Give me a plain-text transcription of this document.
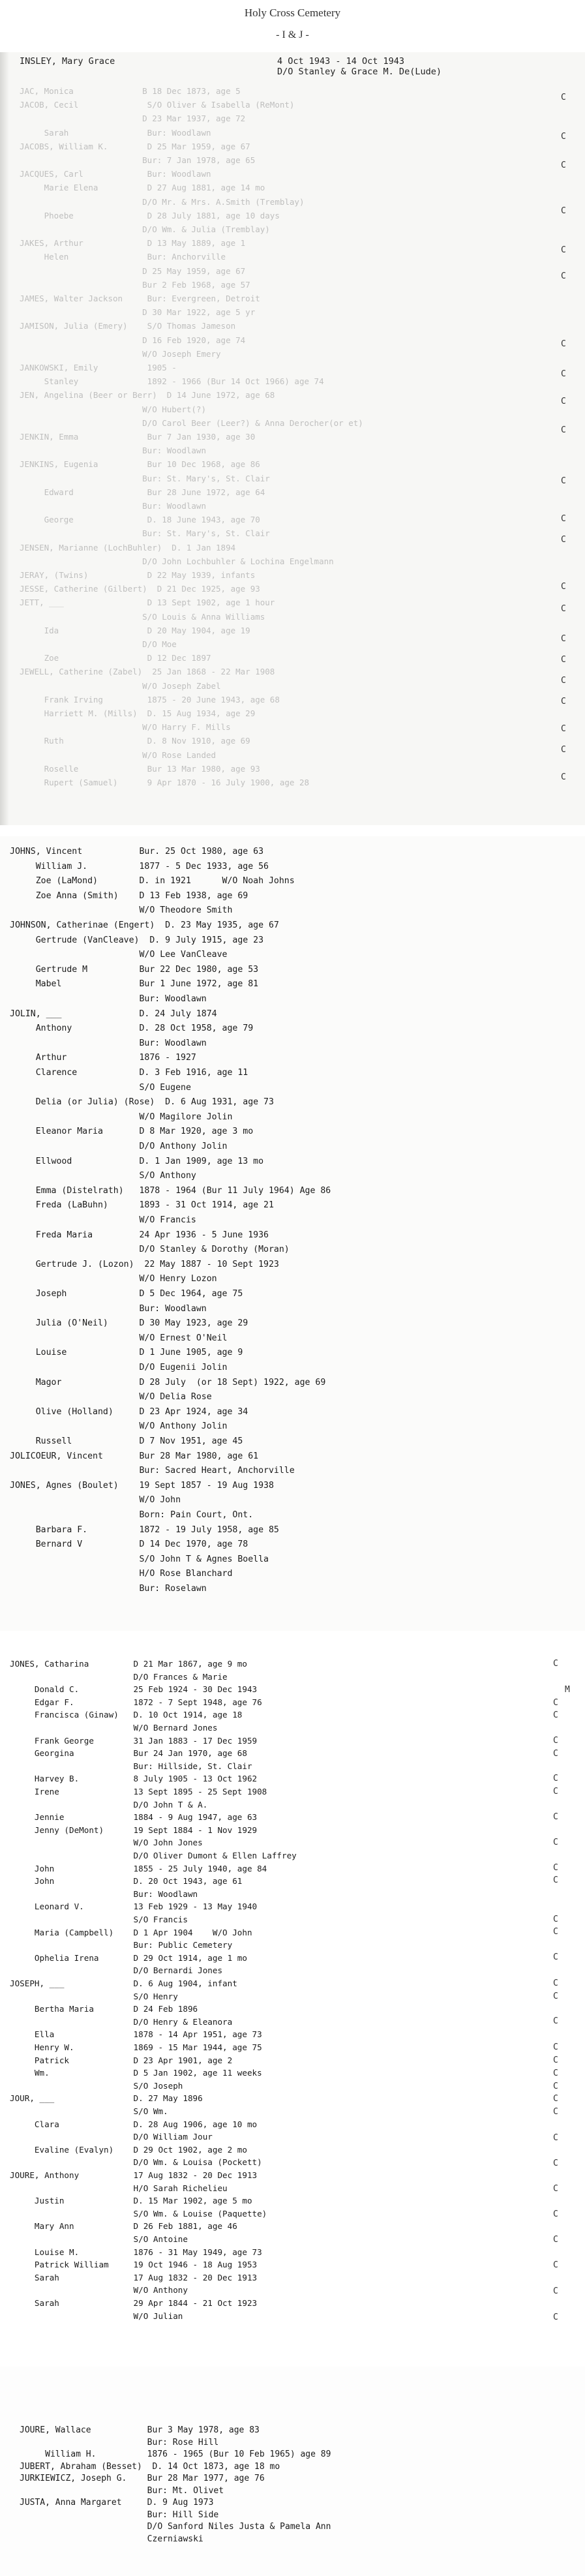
Holy Cross Cemetery
- I & J -
INSLEY, Mary Grace	4 Oct 1943 - 14 Oct 1943
D/O Stanley & Grace M. De(Lude)
JAC, Monica              B 18 Dec 1873, age 5
JACOB, Cecil              S/O Oliver & Isabella (ReMont)
D 23 Mar 1937, age 72
Sarah                Bur: Woodlawn
JACOBS, William K.        D 25 Mar 1959, age 67
Bur: 7 Jan 1978, age 65
JACQUES, Carl             Bur: Woodlawn
Marie Elena          D 27 Aug 1881, age 14 mo
D/O Mr. & Mrs. A.Smith (Tremblay)
Phoebe               D 28 July 1881, age 10 days
D/O Wm. & Julia (Tremblay)
JAKES, Arthur             D 13 May 1889, age 1
Helen                Bur: Anchorville
D 25 May 1959, age 67
Bur 2 Feb 1968, age 57
JAMES, Walter Jackson     Bur: Evergreen, Detroit
D 30 Mar 1922, age 5 yr
JAMISON, Julia (Emery)    S/O Thomas Jameson
D 16 Feb 1920, age 74
W/O Joseph Emery
JANKOWSKI, Emily          1905 -
Stanley              1892 - 1966 (Bur 14 Oct 1966) age 74
JEN, Angelina (Beer or Berr)  D 14 June 1972, age 68
W/O Hubert(?)
D/O Carol Beer (Leer?) & Anna Derocher(or et)
JENKIN, Emma              Bur 7 Jan 1930, age 30
Bur: Woodlawn
JENKINS, Eugenia          Bur 10 Dec 1968, age 86
Bur: St. Mary's, St. Clair
Edward               Bur 28 June 1972, age 64
Bur: Woodlawn
George               D. 18 June 1943, age 70
Bur: St. Mary's, St. Clair
JENSEN, Marianne (LochBuhler)  D. 1 Jan 1894
D/O John Lochbuhler & Lochina Engelmann
JERAY, (Twins)            D 22 May 1939, infants
JESSE, Catherine (Gilbert)  D 21 Dec 1925, age 93
JETT, ___                 D 13 Sept 1902, age 1 hour
S/O Louis & Anna Williams
Ida                  D 20 May 1904, age 19
D/O Moe
Zoe                  D 12 Dec 1897
JEWELL, Catherine (Zabel)  25 Jan 1868 - 22 Mar 1908
W/O Joseph Zabel
Frank Irving         1875 - 20 June 1943, age 68
Harriett M. (Mills)  D. 15 Aug 1934, age 29
W/O Harry F. Mills
Ruth                 D. 8 Nov 1910, age 69
W/O Rose Landed
Roselle              Bur 13 Mar 1980, age 93
Rupert (Samuel)      9 Apr 1870 - 16 July 1900, age 28
C
C
C
C
C
C
C
C
C
C
C
C
C
C
C
C
C
C
C
C
C
C
JOHNS, Vincent           Bur. 25 Oct 1980, age 63
William J.          1877 - 5 Dec 1933, age 56
Zoe (LaMond)        D. in 1921      W/O Noah Johns
Zoe Anna (Smith)    D 13 Feb 1938, age 69
W/O Theodore Smith
JOHNSON, Catherinae (Engert)  D. 23 May 1935, age 67
Gertrude (VanCleave)  D. 9 July 1915, age 23
W/O Lee VanCleave
Gertrude M          Bur 22 Dec 1980, age 53
Mabel               Bur 1 June 1972, age 81
Bur: Woodlawn
JOLIN, ___               D. 24 July 1874
Anthony             D. 28 Oct 1958, age 79
Bur: Woodlawn
Arthur              1876 - 1927
Clarence            D. 3 Feb 1916, age 11
S/O Eugene
Delia (or Julia) (Rose)  D. 6 Aug 1931, age 73
W/O Magilore Jolin
Eleanor Maria       D 8 Mar 1920, age 3 mo
D/O Anthony Jolin
Ellwood             D. 1 Jan 1909, age 13 mo
S/O Anthony
Emma (Distelrath)   1878 - 1964 (Bur 11 July 1964) Age 86
Freda (LaBuhn)      1893 - 31 Oct 1914, age 21
W/O Francis
Freda Maria         24 Apr 1936 - 5 June 1936
D/O Stanley & Dorothy (Moran)
Gertrude J. (Lozon)  22 May 1887 - 10 Sept 1923
W/O Henry Lozon
Joseph              D 5 Dec 1964, age 75
Bur: Woodlawn
Julia (O'Neil)      D 30 May 1923, age 29
W/O Ernest O'Neil
Louise              D 1 June 1905, age 9
D/O Eugenii Jolin
Magor               D 28 July  (or 18 Sept) 1922, age 69
W/O Delia Rose
Olive (Holland)     D 23 Apr 1924, age 34
W/O Anthony Jolin
Russell             D 7 Nov 1951, age 45
JOLICOEUR, Vincent       Bur 28 Mar 1980, age 61
Bur: Sacred Heart, Anchorville
JONES, Agnes (Boulet)    19 Sept 1857 - 19 Aug 1938
W/O John
Born: Pain Court, Ont.
Barbara F.          1872 - 19 July 1958, age 85
Bernard V           D 14 Dec 1970, age 78
S/O John T & Agnes Boella
H/O Rose Blanchard
Bur: Roselawn
JONES, Catharina         D 21 Mar 1867, age 9 mo
D/O Frances & Marie
Donald C.           25 Feb 1924 - 30 Dec 1943
Edgar F.            1872 - 7 Sept 1948, age 76
Francisca (Ginaw)   D. 10 Oct 1914, age 18
W/O Bernard Jones
Frank George        31 Jan 1883 - 17 Dec 1959
Georgina            Bur 24 Jan 1970, age 68
Bur: Hillside, St. Clair
Harvey B.           8 July 1905 - 13 Oct 1962
Irene               13 Sept 1895 - 25 Sept 1908
D/O John T & A.
Jennie              1884 - 9 Aug 1947, age 63
Jenny (DeMont)      19 Sept 1884 - 1 Nov 1929
W/O John Jones
D/O Oliver Dumont & Ellen Laffrey
John                1855 - 25 July 1940, age 84
John                D. 20 Oct 1943, age 61
Bur: Woodlawn
Leonard V.          13 Feb 1929 - 13 May 1940
S/O Francis
Maria (Campbell)    D 1 Apr 1904    W/O John
Bur: Public Cemetery
Ophelia Irena       D 29 Oct 1914, age 1 mo
D/O Bernardi Jones
JOSEPH, ___              D. 6 Aug 1904, infant
S/O Henry
Bertha Maria        D 24 Feb 1896
D/O Henry & Eleanora
Ella                1878 - 14 Apr 1951, age 73
Henry W.            1869 - 15 Mar 1944, age 75
Patrick             D 23 Apr 1901, age 2
Wm.                 D 5 Jan 1902, age 11 weeks
S/O Joseph
JOUR, ___                D. 27 May 1896
S/O Wm.
Clara               D. 28 Aug 1906, age 10 mo
D/O William Jour
Evaline (Evalyn)    D 29 Oct 1902, age 2 mo
D/O Wm. & Louisa (Pockett)
JOURE, Anthony           17 Aug 1832 - 20 Dec 1913
H/O Sarah Richelieu
Justin              D. 15 Mar 1902, age 5 mo
S/O Wm. & Louise (Paquette)
Mary Ann            D 26 Feb 1881, age 46
S/O Antoine
Louise M.           1876 - 31 May 1949, age 73
Patrick William     19 Oct 1946 - 18 Aug 1953
Sarah               17 Aug 1832 - 20 Dec 1913
W/O Anthony
Sarah               29 Apr 1844 - 21 Oct 1923
W/O Julian
C
M
C
C
C
C
C
C
C
C
C
C
C
C
C
C
C
C
C
C
C
C
C
C
C
C
C
C
C
C
C
C
JOURE, Wallace           Bur 3 May 1978, age 83
Bur: Rose Hill
William H.          1876 - 1965 (Bur 10 Feb 1965) age 89
JUBERT, Abraham (Besset)  D. 14 Oct 1873, age 18 mo
JURKIEWICZ, Joseph G.    Bur 28 Mar 1977, age 76
Bur: Mt. Olivet
JUSTA, Anna Margaret     D. 9 Aug 1973
Bur: Hill Side
D/O Sanford Niles Justa & Pamela Ann
Czerniawski
